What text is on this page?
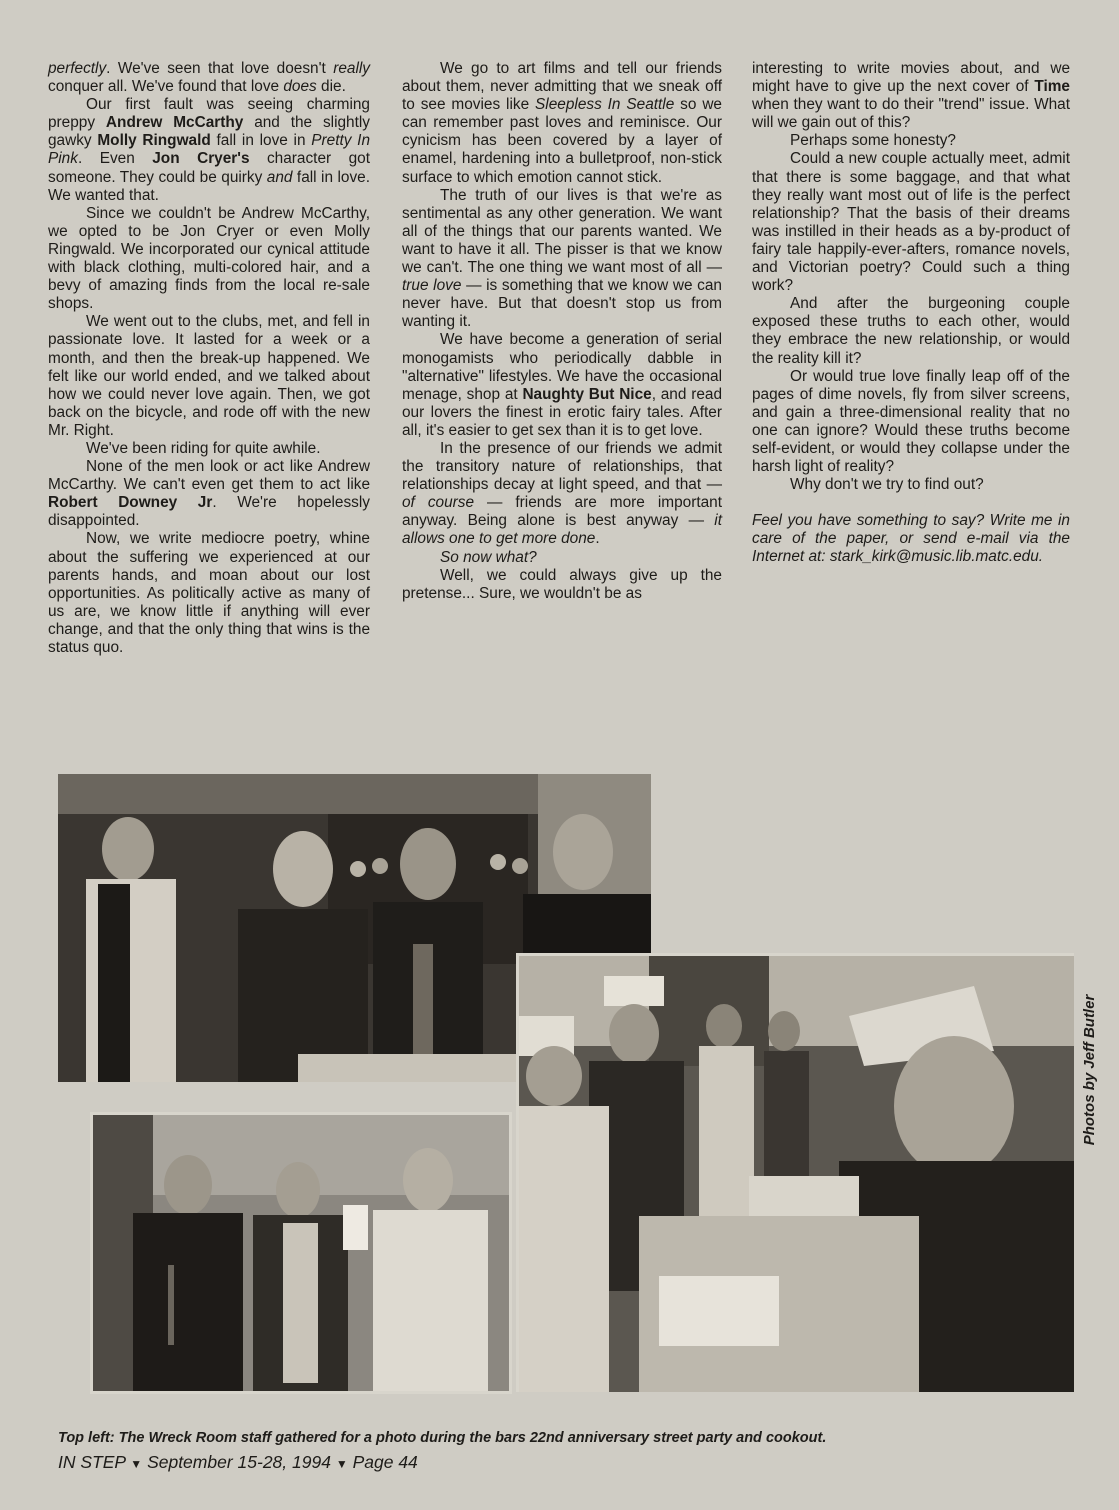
perfectly. We've seen that love doesn't really conquer all. We've found that love does die.

Our first fault was seeing charming preppy Andrew McCarthy and the slightly gawky Molly Ringwald fall in love in Pretty In Pink. Even Jon Cryer's character got someone. They could be quirky and fall in love. We wanted that.

Since we couldn't be Andrew McCarthy, we opted to be Jon Cryer or even Molly Ringwald. We incorporated our cynical attitude with black clothing, multi-colored hair, and a bevy of amazing finds from the local re-sale shops.

We went out to the clubs, met, and fell in passionate love. It lasted for a week or a month, and then the break-up happened. We felt like our world ended, and we talked about how we could never love again. Then, we got back on the bicycle, and rode off with the new Mr. Right.

We've been riding for quite awhile.

None of the men look or act like Andrew McCarthy. We can't even get them to act like Robert Downey Jr. We're hopelessly disappointed.

Now, we write mediocre poetry, whine about the suffering we experienced at our parents hands, and moan about our lost opportunities. As politically active as many of us are, we know little if anything will ever change, and that the only thing that wins is the status quo.

We go to art films and tell our friends about them, never admitting that we sneak off to see movies like Sleepless In Seattle so we can remember past loves and reminisce. Our cynicism has been covered by a layer of enamel, hardening into a bulletproof, non-stick surface to which emotion cannot stick.

The truth of our lives is that we're as sentimental as any other generation. We want all of the things that our parents wanted. We want to have it all. The pisser is that we know we can't. The one thing we want most of all — true love — is something that we know we can never have. But that doesn't stop us from wanting it.

We have become a generation of serial monogamists who periodically dabble in "alternative" lifestyles. We have the occasional menage, shop at Naughty But Nice, and read our lovers the finest in erotic fairy tales. After all, it's easier to get sex than it is to get love.

In the presence of our friends we admit the transitory nature of relationships, that relationships decay at light speed, and that — of course — friends are more important anyway. Being alone is best anyway — it allows one to get more done.

So now what?

Well, we could always give up the pretense... Sure, we wouldn't be as

interesting to write movies about, and we might have to give up the next cover of Time when they want to do their "trend" issue. What will we gain out of this?

Perhaps some honesty?

Could a new couple actually meet, admit that there is some baggage, and that what they really want most out of life is the perfect relationship? That the basis of their dreams was instilled in their heads as a by-product of fairy tale happily-ever-afters, romance novels, and Victorian poetry? Could such a thing work?

And after the burgeoning couple exposed these truths to each other, would they embrace the new relationship, or would the reality kill it?

Or would true love finally leap off of the pages of dime novels, fly from silver screens, and gain a three-dimensional reality that no one can ignore? Would these truths become self-evident, or would they collapse under the harsh light of reality?

Why don't we try to find out?

Feel you have something to say? Write me in care of the paper, or send e-mail via the Internet at: stark_kirk@music.lib.matc.edu.

Photos by Jeff Butler
Top left: The Wreck Room staff gathered for a photo during the bars 22nd anniversary street party and cookout.
IN STEP ▼ September 15-28, 1994 ▼ Page 44
